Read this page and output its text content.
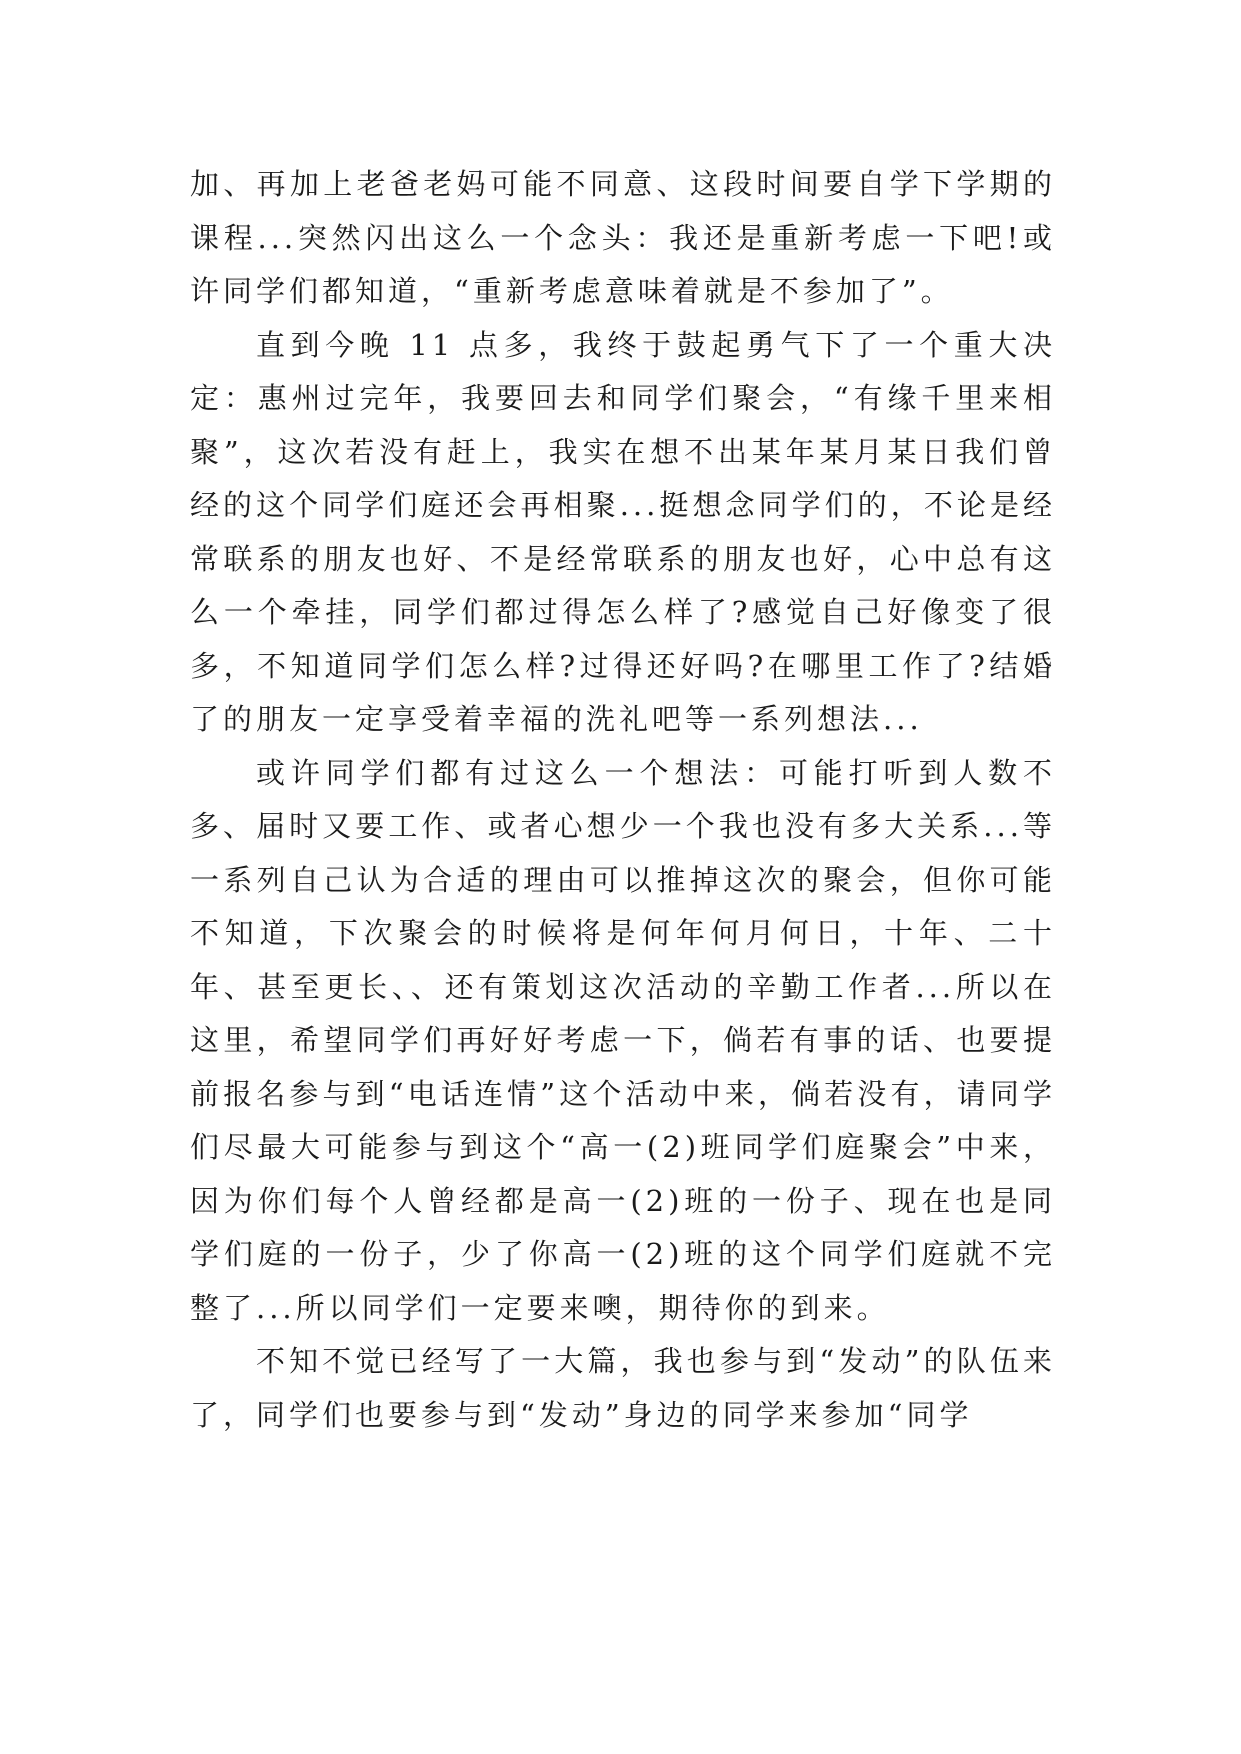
加、再加上老爸老妈可能不同意、这段时间要自学下学期的课程...突然闪出这么一个念头：我还是重新考虑一下吧!或许同学们都知道，“重新考虑意味着就是不参加了”。

直到今晚 11 点多，我终于鼓起勇气下了一个重大决定：惠州过完年，我要回去和同学们聚会，“有缘千里来相聚”，这次若没有赶上，我实在想不出某年某月某日我们曾经的这个同学们庭还会再相聚...挺想念同学们的，不论是经常联系的朋友也好、不是经常联系的朋友也好，心中总有这么一个牵挂，同学们都过得怎么样了?感觉自己好像变了很多，不知道同学们怎么样?过得还好吗?在哪里工作了?结婚了的朋友一定享受着幸福的洗礼吧等一系列想法...

或许同学们都有过这么一个想法：可能打听到人数不多、届时又要工作、或者心想少一个我也没有多大关系...等一系列自己认为合适的理由可以推掉这次的聚会，但你可能不知道，下次聚会的时候将是何年何月何日，十年、二十年、甚至更长、、还有策划这次活动的辛勤工作者...所以在这里，希望同学们再好好考虑一下，倘若有事的话、也要提前报名参与到“电话连情”这个活动中来，倘若没有，请同学们尽最大可能参与到这个“高一(2)班同学们庭聚会”中来，因为你们每个人曾经都是高一(2)班的一份子、现在也是同学们庭的一份子，少了你高一(2)班的这个同学们庭就不完整了...所以同学们一定要来噢，期待你的到来。

不知不觉已经写了一大篇，我也参与到“发动”的队伍来了，同学们也要参与到“发动”身边的同学来参加“同学
